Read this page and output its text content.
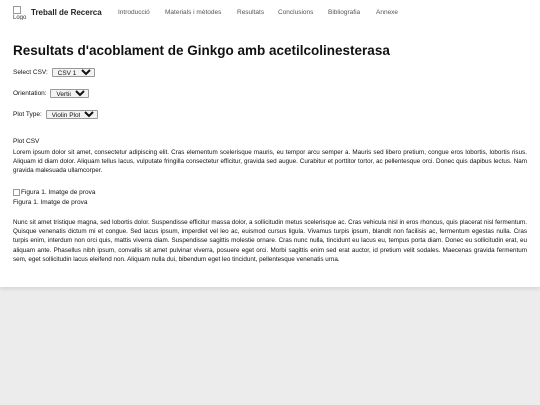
Logo
Treball de Recerca	Introducció Materials i mètodes Resultats Conclusions Bibliografia Annexe
Resultats d'acoblament de Ginkgo amb acetilcolinesterasa
Select CSV:
CSV 1
Orientation:
Vertical
Plot Type:
Violin Plot
Plot CSV

Lorem ipsum dolor sit amet, consectetur adipiscing elit. Cras elementum scelerisque mauris, eu tempor arcu semper a. Mauris sed libero pretium, congue eros lobortis, lobortis risus. Aliquam id diam dolor. Aliquam tellus lacus, vulputate fringilla consectetur efficitur, gravida sed augue. Curabitur et porttitor tortor, ac pellentesque orci. Donec quis dapibus lectus. Nam gravida malesuada ullamcorper.

Figura 1. Imatge de prova
Figura 1. Imatge de prova

Nunc sit amet tristique magna, sed lobortis dolor. Suspendisse efficitur massa dolor, a sollicitudin metus scelerisque ac. Cras vehicula nisl in eros rhoncus, quis placerat nisl fermentum. Quisque venenatis dictum mi et congue. Sed lacus ipsum, imperdiet vel leo ac, euismod cursus ligula. Vivamus turpis ipsum, blandit non facilisis ac, fermentum egestas nulla. Cras turpis enim, interdum non orci quis, mattis viverra diam. Suspendisse sagittis molestie ornare. Cras nunc nulla, tincidunt eu lacus eu, tempus porta diam. Donec eu sollicitudin erat, eu aliquam ante. Phasellus nibh ipsum, convallis sit amet pulvinar viverra, posuere eget orci. Morbi sagittis enim sed erat auctor, id pretium velit sodales. Maecenas gravida fermentum sem, eget sollicitudin lacus eleifend non. Aliquam nulla dui, bibendum eget leo tincidunt, pellentesque venenatis urna.
